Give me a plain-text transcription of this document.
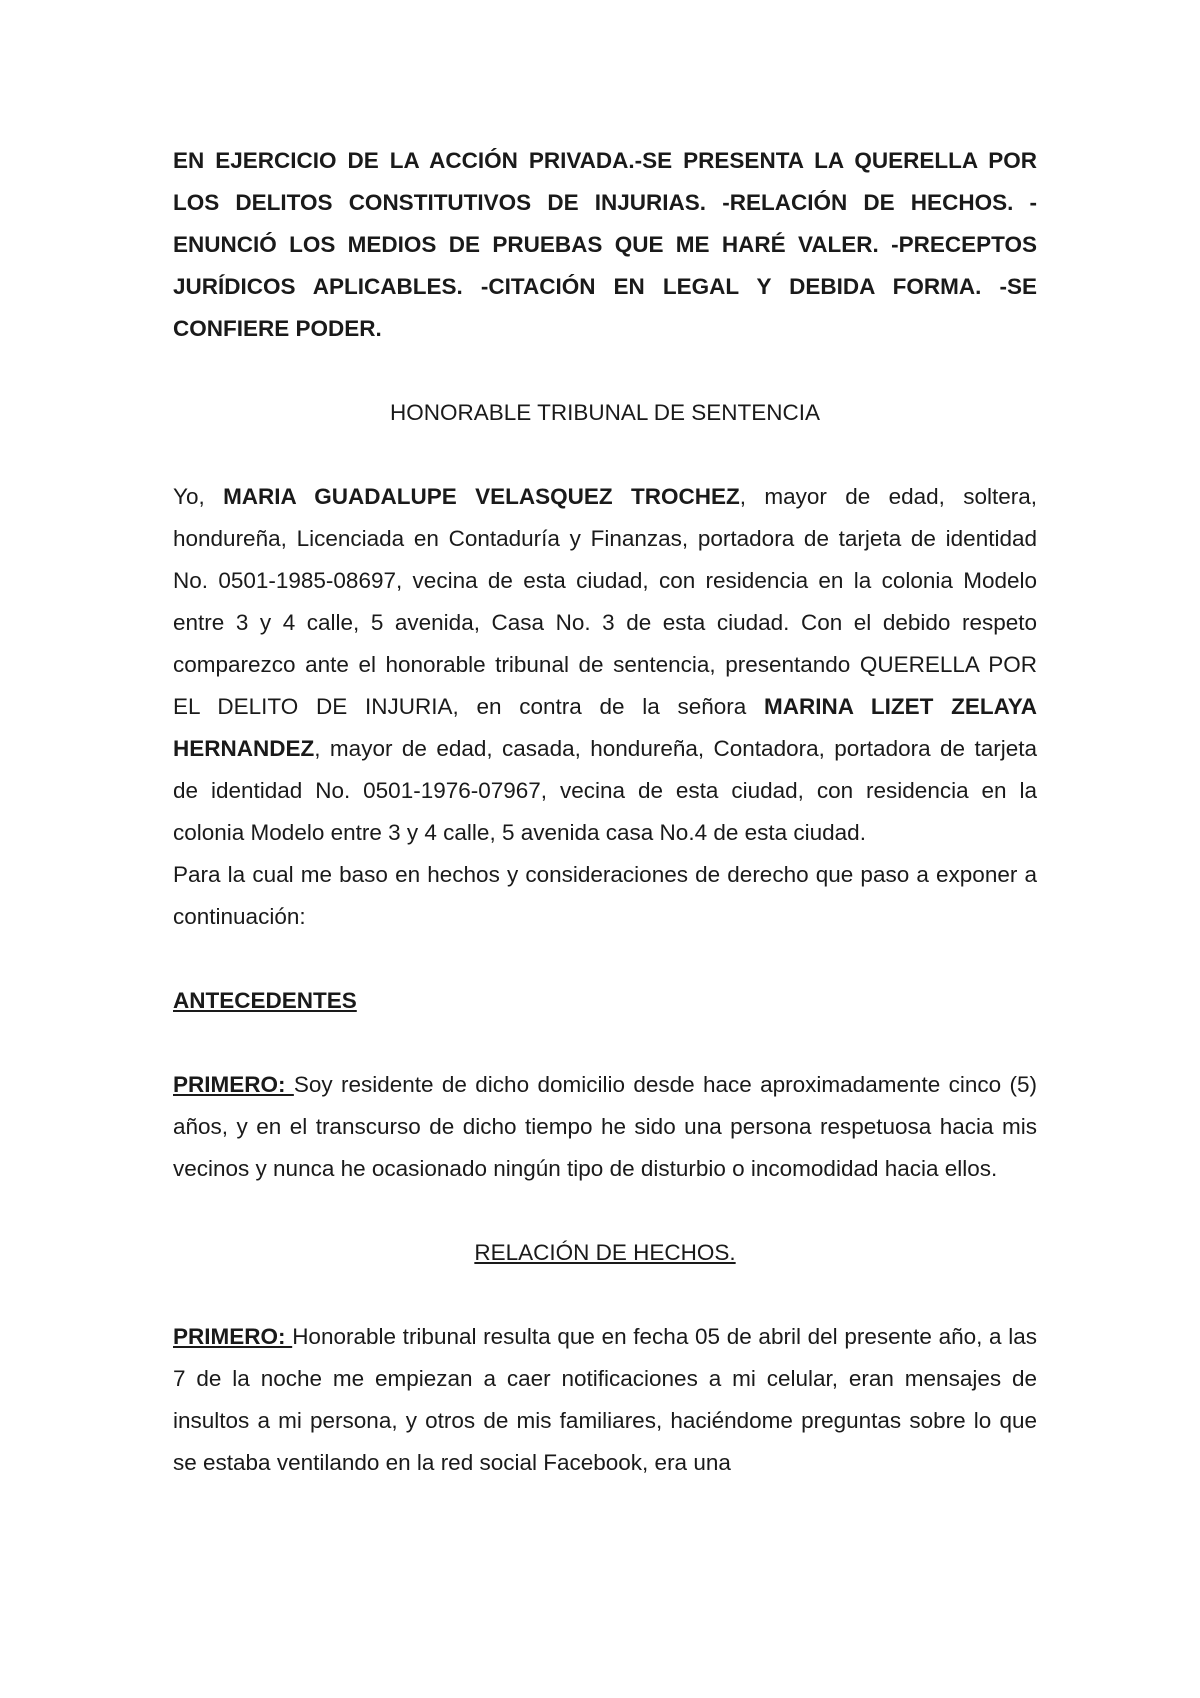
EN EJERCICIO DE LA ACCIÓN PRIVADA.-SE PRESENTA LA QUERELLA POR LOS DELITOS CONSTITUTIVOS DE INJURIAS. -RELACIÓN DE HECHOS. -ENUNCIÓ LOS MEDIOS DE PRUEBAS QUE ME HARÉ VALER. -PRECEPTOS JURÍDICOS APLICABLES. -CITACIÓN EN LEGAL Y DEBIDA FORMA. -SE CONFIERE PODER.

HONORABLE TRIBUNAL DE SENTENCIA

Yo, MARIA GUADALUPE VELASQUEZ TROCHEZ, mayor de edad, soltera, hondureña, Licenciada en Contaduría y Finanzas, portadora de tarjeta de identidad No. 0501-1985-08697, vecina de esta ciudad, con residencia en la colonia Modelo entre 3 y 4 calle, 5 avenida, Casa No. 3 de esta ciudad. Con el debido respeto comparezco ante el honorable tribunal de sentencia, presentando QUERELLA POR EL DELITO DE INJURIA, en contra de la señora MARINA LIZET ZELAYA HERNANDEZ, mayor de edad, casada, hondureña, Contadora, portadora de tarjeta de identidad No. 0501-1976-07967, vecina de esta ciudad, con residencia en la colonia Modelo entre 3 y 4 calle, 5 avenida casa No.4 de esta ciudad.

Para la cual me baso en hechos y consideraciones de derecho que paso a exponer a continuación:

ANTECEDENTES

PRIMERO: Soy residente de dicho domicilio desde hace aproximadamente cinco (5) años, y en el transcurso de dicho tiempo he sido una persona respetuosa hacia mis vecinos y nunca he ocasionado ningún tipo de disturbio o incomodidad hacia ellos.

RELACIÓN DE HECHOS.

PRIMERO: Honorable tribunal resulta que en fecha 05 de abril del presente año, a las 7 de la noche me empiezan a caer notificaciones a mi celular, eran mensajes de insultos a mi persona, y otros de mis familiares, haciéndome preguntas sobre lo que se estaba ventilando en la red social Facebook, era una
